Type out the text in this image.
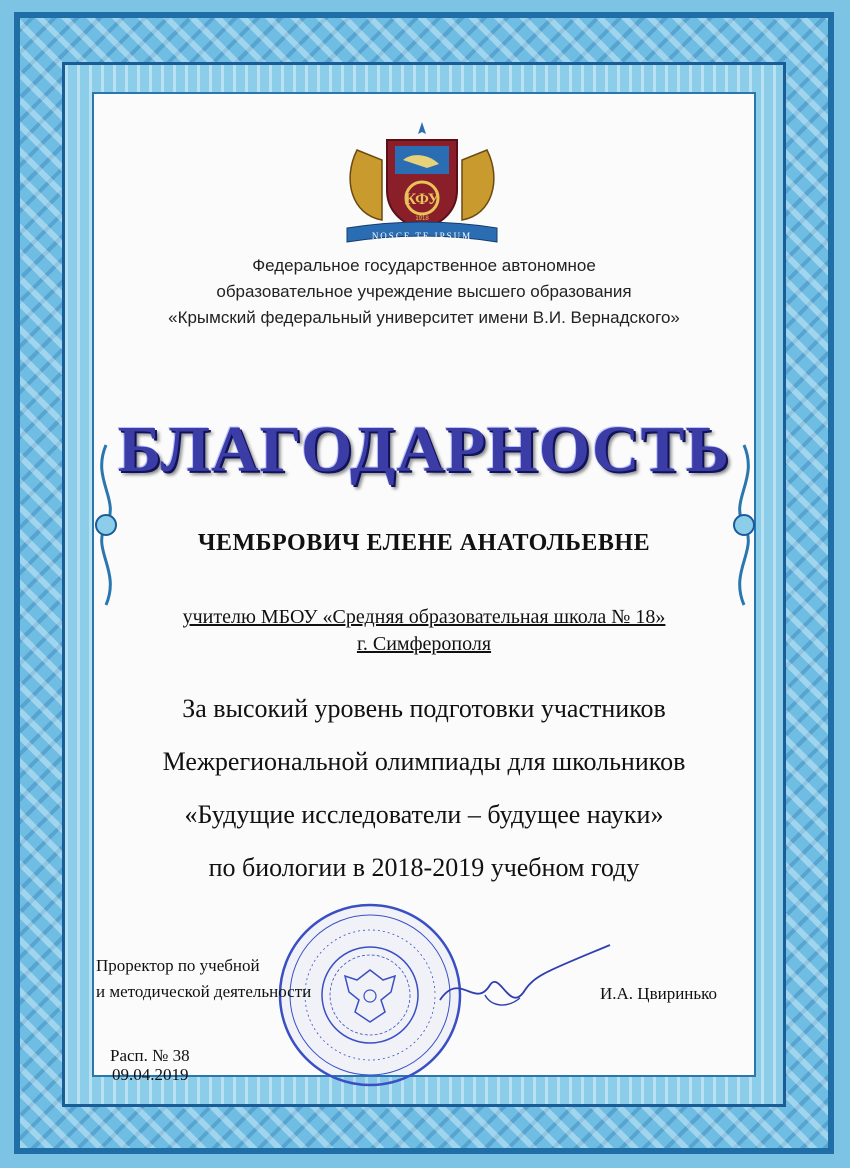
КФУ
1918
NOSCE TE IPSUM
Федеральное государственное автономное
образовательное учреждение высшего образования
«Крымский федеральный университет имени В.И. Вернадского»
БЛАГОДАРНОСТЬ
ЧЕМБРОВИЧ ЕЛЕНЕ АНАТОЛЬЕВНЕ
учителю МБОУ «Средняя образовательная школа № 18»
г. Симферополя
За высокий уровень подготовки участников
Межрегиональной олимпиады для школьников
«Будущие исследователи – будущее науки»
по биологии в 2018-2019 учебном году
Проректор по учебной
и методической деятельности	И.А. Цвиринько
Расп. № 38
09.04.2019
